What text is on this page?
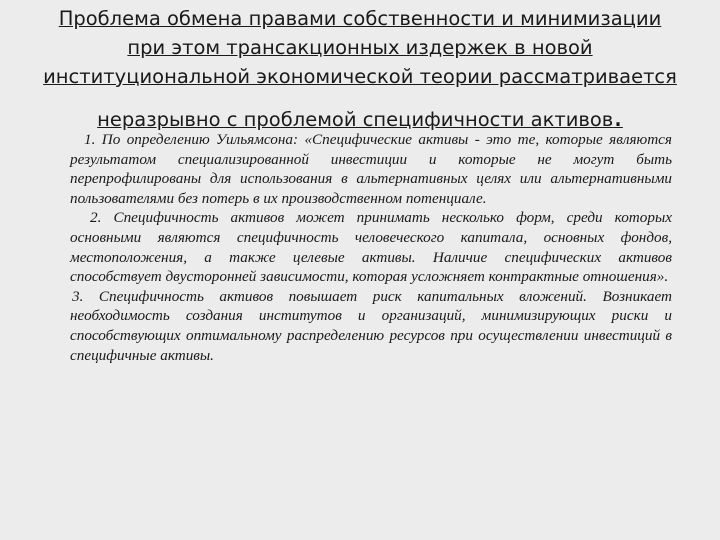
Проблема обмена правами собственности и минимизации
при этом трансакционных издержек в новой
институциональной экономической теории рассматривается
неразрывно с проблемой специфичности активов.

1. По определению Уильямсона: «Специфические активы - это те, которые являются результатом специализированной инвестиции и которые не могут быть перепрофилированы для использования в альтернативных целях или альтернативными пользователями без потерь в их производственном потенциале.

2. Специфичность активов может принимать несколько форм, среди которых основными являются специфичность человеческого капитала, основных фондов, местоположения, а также целевые активы. Наличие специфических активов способствует двусторонней зависимости, которая усложняет контрактные отношения».

3. Специфичность активов повышает риск капитальных вложений. Возникает необходимость создания институтов и организаций, минимизирующих риски и способствующих оптимальному распределению ресурсов при осуществлении инвестиций в специфичные активы.
